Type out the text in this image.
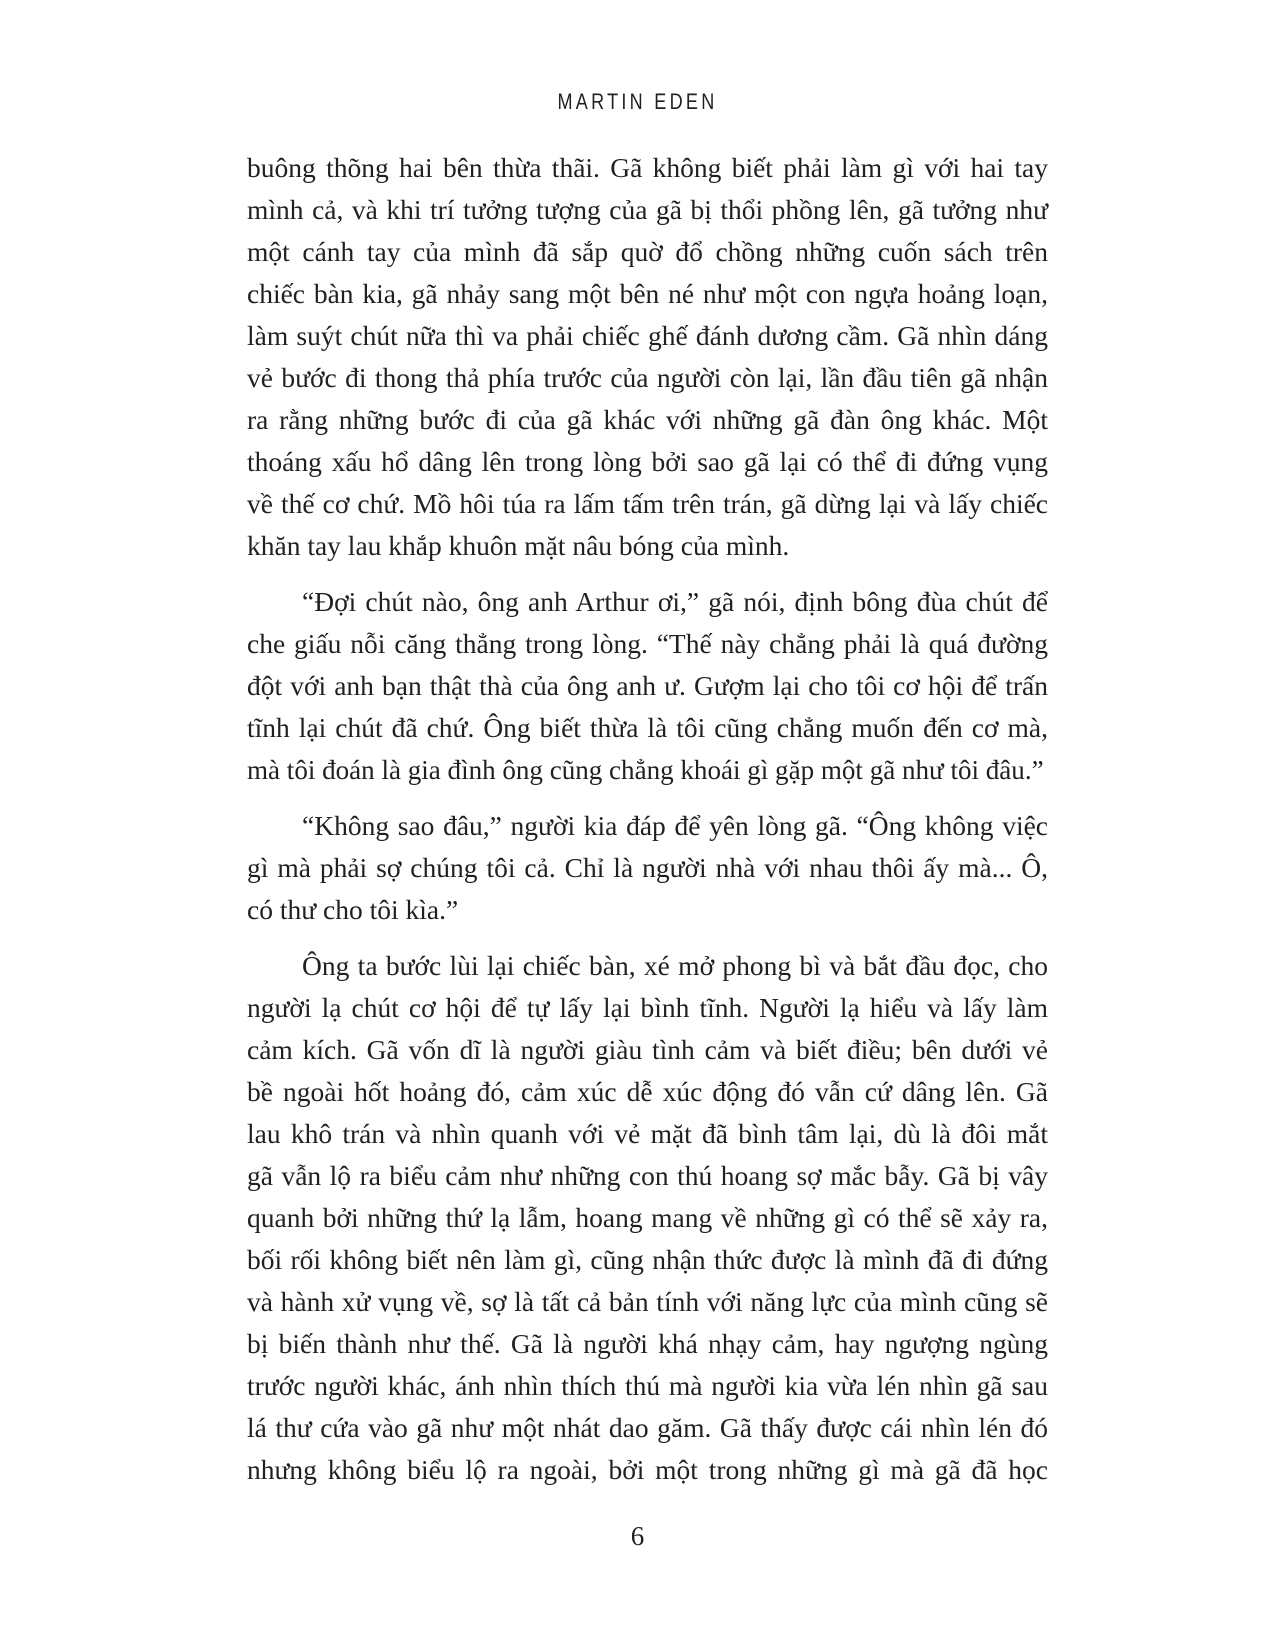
MARTIN EDEN

buông thõng hai bên thừa thãi. Gã không biết phải làm gì với hai tay
mình cả, và khi trí tưởng tượng của gã bị thổi phồng lên, gã tưởng như
một cánh tay của mình đã sắp quờ đổ chồng những cuốn sách trên
chiếc bàn kia, gã nhảy sang một bên né như một con ngựa hoảng loạn,
làm suýt chút nữa thì va phải chiếc ghế đánh dương cầm. Gã nhìn dáng
vẻ bước đi thong thả phía trước của người còn lại, lần đầu tiên gã nhận
ra rằng những bước đi của gã khác với những gã đàn ông khác. Một
thoáng xấu hổ dâng lên trong lòng bởi sao gã lại có thể đi đứng vụng
về thế cơ chứ. Mồ hôi túa ra lấm tấm trên trán, gã dừng lại và lấy chiếc
khăn tay lau khắp khuôn mặt nâu bóng của mình.

“Đợi chút nào, ông anh Arthur ơi,” gã nói, định bông đùa chút để
che giấu nỗi căng thẳng trong lòng. “Thế này chẳng phải là quá đường
đột với anh bạn thật thà của ông anh ư. Gượm lại cho tôi cơ hội để trấn
tĩnh lại chút đã chứ. Ông biết thừa là tôi cũng chẳng muốn đến cơ mà,
mà tôi đoán là gia đình ông cũng chẳng khoái gì gặp một gã như tôi đâu.”

“Không sao đâu,” người kia đáp để yên lòng gã. “Ông không việc
gì mà phải sợ chúng tôi cả. Chỉ là người nhà với nhau thôi ấy mà... Ô,
có thư cho tôi kìa.”

Ông ta bước lùi lại chiếc bàn, xé mở phong bì và bắt đầu đọc, cho
người lạ chút cơ hội để tự lấy lại bình tĩnh. Người lạ hiểu và lấy làm
cảm kích. Gã vốn dĩ là người giàu tình cảm và biết điều; bên dưới vẻ
bề ngoài hốt hoảng đó, cảm xúc dễ xúc động đó vẫn cứ dâng lên. Gã
lau khô trán và nhìn quanh với vẻ mặt đã bình tâm lại, dù là đôi mắt
gã vẫn lộ ra biểu cảm như những con thú hoang sợ mắc bẫy. Gã bị vây
quanh bởi những thứ lạ lẫm, hoang mang về những gì có thể sẽ xảy ra,
bối rối không biết nên làm gì, cũng nhận thức được là mình đã đi đứng
và hành xử vụng về, sợ là tất cả bản tính với năng lực của mình cũng sẽ
bị biến thành như thế. Gã là người khá nhạy cảm, hay ngượng ngùng
trước người khác, ánh nhìn thích thú mà người kia vừa lén nhìn gã sau
lá thư cứa vào gã như một nhát dao găm. Gã thấy được cái nhìn lén đó
nhưng không biểu lộ ra ngoài, bởi một trong những gì mà gã đã học

6
